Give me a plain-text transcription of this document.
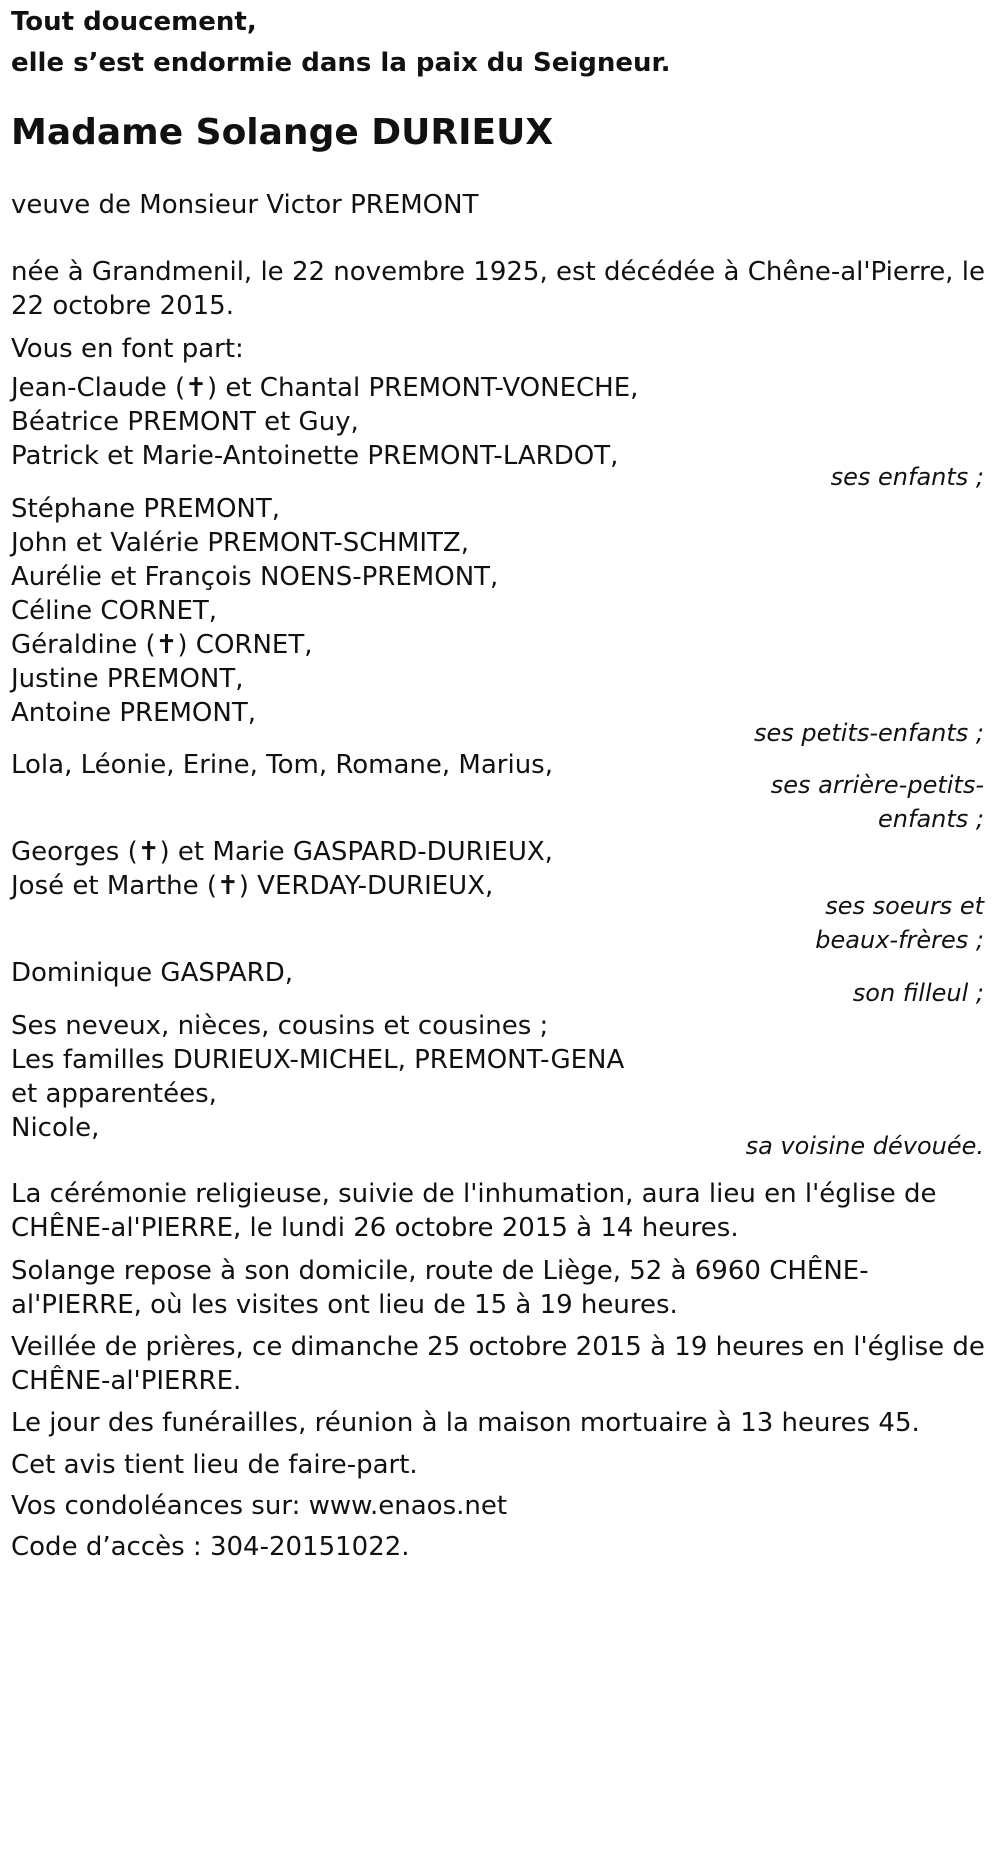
Tout doucement,
elle s’est endormie dans la paix du Seigneur.
Madame Solange DURIEUX
veuve de Monsieur Victor PREMONT
née à Grandmenil, le 22 novembre 1925, est décédée à Chêne-al'Pierre, le
22 octobre 2015.
Vous en font part:
Jean-Claude (✝) et Chantal PREMONT-VONECHE,
Béatrice PREMONT et Guy,
Patrick et Marie-Antoinette PREMONT-LARDOT,
ses enfants ;
Stéphane PREMONT,
John et Valérie PREMONT-SCHMITZ,
Aurélie et François NOENS-PREMONT,
Céline CORNET,
Géraldine (✝) CORNET,
Justine PREMONT,
Antoine PREMONT,
ses petits-enfants ;
Lola, Léonie, Erine, Tom, Romane, Marius,
ses arrière-petits-
enfants ;
Georges (✝) et Marie GASPARD-DURIEUX,
José et Marthe (✝) VERDAY-DURIEUX,
ses soeurs et
beaux-frères ;
Dominique GASPARD,
son filleul ;
Ses neveux, nièces, cousins et cousines ;
Les familles DURIEUX-MICHEL, PREMONT-GENA
et apparentées,
Nicole,
sa voisine dévouée.
La cérémonie religieuse, suivie de l'inhumation, aura lieu en l'église de
CHÊNE-al'PIERRE, le lundi 26 octobre 2015 à 14 heures.
Solange repose à son domicile, route de Liège, 52 à 6960 CHÊNE-
al'PIERRE, où les visites ont lieu de 15 à 19 heures.
Veillée de prières, ce dimanche 25 octobre 2015 à 19 heures en l'église de
CHÊNE-al'PIERRE.
Le jour des funérailles, réunion à la maison mortuaire à 13 heures 45.
Cet avis tient lieu de faire-part.
Vos condoléances sur: www.enaos.net
Code d’accès : 304-20151022.
